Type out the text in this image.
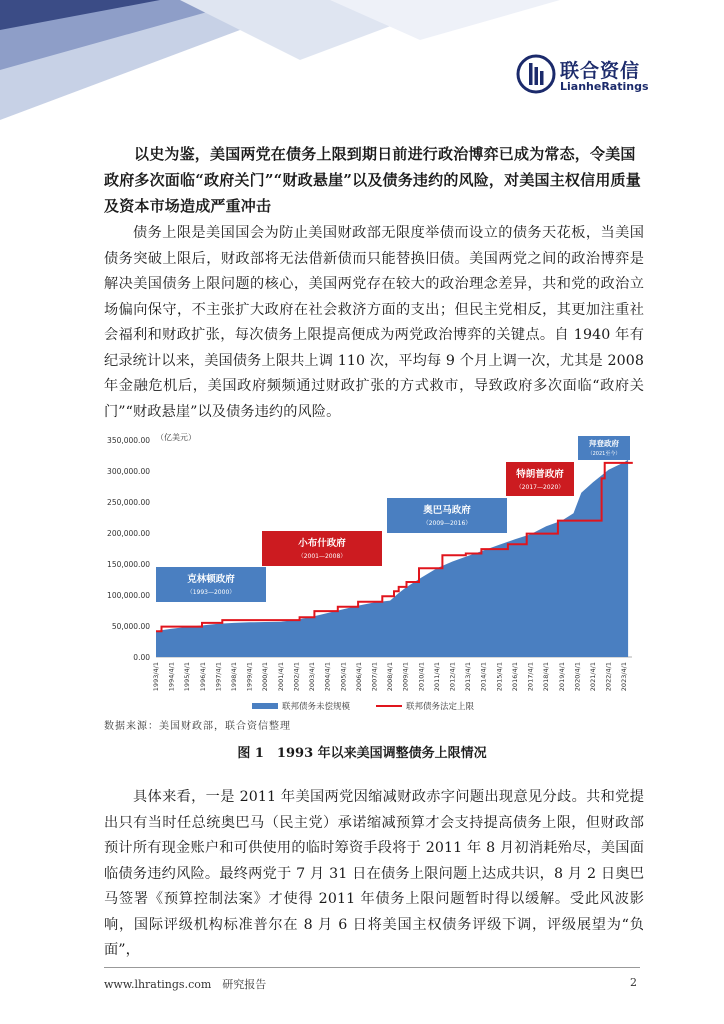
联合资信
LianheRatings
以史为鉴，美国两党在债务上限到期日前进行政治博弈已成为常态，令美国政府多次面临“政府关门”“财政悬崖”以及债务违约的风险，对美国主权信用质量及资本市场造成严重冲击
债务上限是美国国会为防止美国财政部无限度举债而设立的债务天花板，当美国债务突破上限后，财政部将无法借新债而只能替换旧债。美国两党之间的政治博弈是解决美国债务上限问题的核心，美国两党存在较大的政治理念差异，共和党的政治立场偏向保守，不主张扩大政府在社会救济方面的支出；但民主党相反，其更加注重社会福利和财政扩张，每次债务上限提高便成为两党政治博弈的关键点。自 1940 年有纪录统计以来，美国债务上限共上调 110 次，平均每 9 个月上调一次，尤其是 2008 年金融危机后，美国政府频频通过财政扩张的方式救市，导致政府多次面临“政府关门”“财政悬崖”以及债务违约的风险。
（亿美元）
0.00
50,000.00
100,000.00
150,000.00
200,000.00
250,000.00
300,000.00
350,000.00
克林顿政府
（1993—2000）
小布什政府
（2001—2008）
奥巴马政府
（2009—2016）
特朗普政府
（2017—2020）
拜登政府
（2021至今）
1993/4/1 1994/4/1 1995/4/1 1996/4/1 1997/4/1 1998/4/1 1999/4/1 2000/4/1 2001/4/1 2002/4/1 2003/4/1 2004/4/1 2005/4/1 2006/4/1 2007/4/1 2008/4/1 2009/4/1 2010/4/1 2011/4/1 2012/4/1 2013/4/1 2014/4/1 2015/4/1 2016/4/1 2017/4/1 2018/4/1 2019/4/1 2020/4/1 2021/4/1 2022/4/1 2023/4/1
联邦债务未偿规模	联邦债务法定上限
数据来源：美国财政部，联合资信整理
图 1　1993 年以来美国调整债务上限情况
具体来看，一是 2011 年美国两党因缩减财政赤字问题出现意见分歧。共和党提出只有当时任总统奥巴马（民主党）承诺缩减预算才会支持提高债务上限，但财政部预计所有现金账户和可供使用的临时筹资手段将于 2011 年 8 月初消耗殆尽，美国面临债务违约风险。最终两党于 7 月 31 日在债务上限问题上达成共识，8 月 2 日奥巴马签署《预算控制法案》才使得 2011 年债务上限问题暂时得以缓解。受此风波影响，国际评级机构标准普尔在 8 月 6 日将美国主权债务评级下调，评级展望为“负面”，
www.lhratings.com　研究报告	2
